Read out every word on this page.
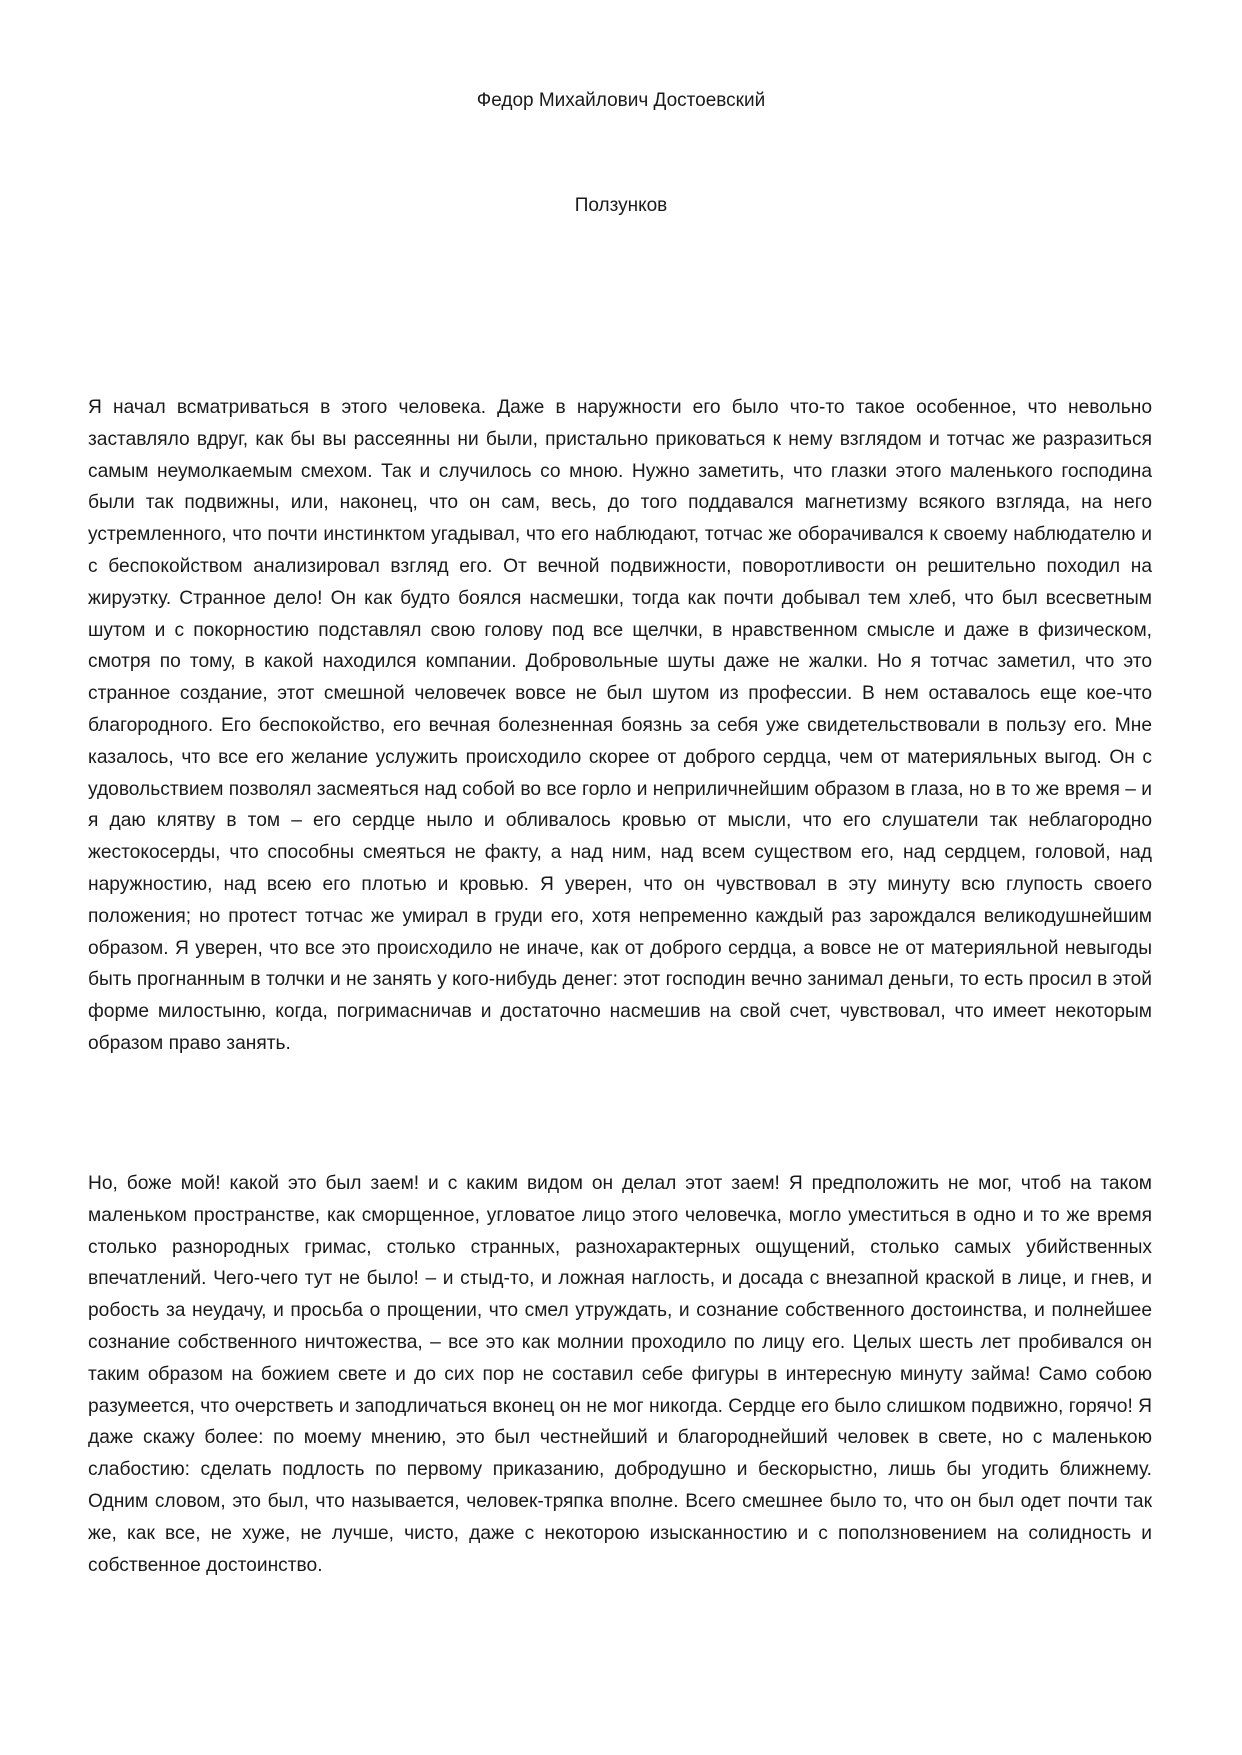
Федор Михайлович Достоевский

Ползунков

Я начал всматриваться в этого человека. Даже в наружности его было что-то такое особенное, что невольно заставляло вдруг, как бы вы рассеянны ни были, пристально приковаться к нему взглядом и тотчас же разразиться самым неумолкаемым смехом. Так и случилось со мною. Нужно заметить, что глазки этого маленького господина были так подвижны, или, наконец, что он сам, весь, до того поддавался магнетизму всякого взгляда, на него устремленного, что почти инстинктом угадывал, что его наблюдают, тотчас же оборачивался к своему наблюдателю и с беспокойством анализировал взгляд его. От вечной подвижности, поворотливости он решительно походил на жируэтку. Странное дело! Он как будто боялся насмешки, тогда как почти добывал тем хлеб, что был всесветным шутом и с покорностию подставлял свою голову под все щелчки, в нравственном смысле и даже в физическом, смотря по тому, в какой находился компании. Добровольные шуты даже не жалки. Но я тотчас заметил, что это странное создание, этот смешной человечек вовсе не был шутом из профессии. В нем оставалось еще кое-что благородного. Его беспокойство, его вечная болезненная боязнь за себя уже свидетельствовали в пользу его. Мне казалось, что все его желание услужить происходило скорее от доброго сердца, чем от материяльных выгод. Он с удовольствием позволял засмеяться над собой во все горло и неприличнейшим образом в глаза, но в то же время – и я даю клятву в том – его сердце ныло и обливалось кровью от мысли, что его слушатели так неблагородно жестокосерды, что способны смеяться не факту, а над ним, над всем существом его, над сердцем, головой, над наружностию, над всею его плотью и кровью. Я уверен, что он чувствовал в эту минуту всю глупость своего положения; но протест тотчас же умирал в груди его, хотя непременно каждый раз зарождался великодушнейшим образом. Я уверен, что все это происходило не иначе, как от доброго сердца, а вовсе не от материяльной невыгоды быть прогнанным в толчки и не занять у кого-нибудь денег: этот господин вечно занимал деньги, то есть просил в этой форме милостыню, когда, погримасничав и достаточно насмешив на свой счет, чувствовал, что имеет некоторым образом право занять.

Но, боже мой! какой это был заем! и с каким видом он делал этот заем! Я предположить не мог, чтоб на таком маленьком пространстве, как сморщенное, угловатое лицо этого человечка, могло уместиться в одно и то же время столько разнородных гримас, столько странных, разнохарактерных ощущений, столько самых убийственных впечатлений. Чего-чего тут не было! – и стыд-то, и ложная наглость, и досада с внезапной краской в лице, и гнев, и робость за неудачу, и просьба о прощении, что смел утруждать, и сознание собственного достоинства, и полнейшее сознание собственного ничтожества, – все это как молнии проходило по лицу его. Целых шесть лет пробивался он таким образом на божием свете и до сих пор не составил себе фигуры в интересную минуту займа! Само собою разумеется, что очерстветь и заподличаться вконец он не мог никогда. Сердце его было слишком подвижно, горячо! Я даже скажу более: по моему мнению, это был честнейший и благороднейший человек в свете, но с маленькою слабостию: сделать подлость по первому приказанию, добродушно и бескорыстно, лишь бы угодить ближнему. Одним словом, это был, что называется, человек-тряпка вполне. Всего смешнее было то, что он был одет почти так же, как все, не хуже, не лучше, чисто, даже с некоторою изысканностию и с поползновением на солидность и собственное достоинство.
